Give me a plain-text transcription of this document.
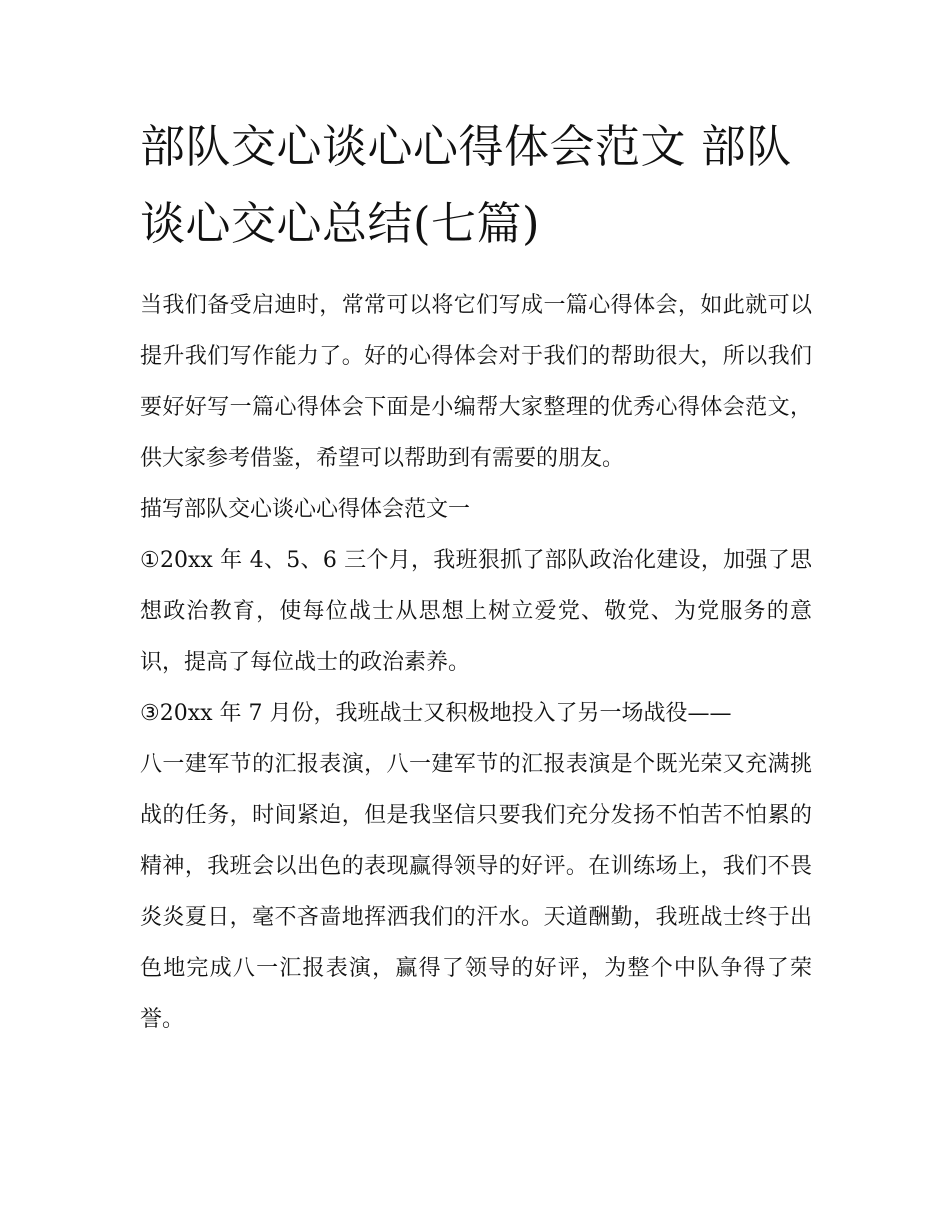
部队交心谈心心得体会范文 部队谈心交心总结(七篇)

当我们备受启迪时，常常可以将它们写成一篇心得体会，如此就可以提升我们写作能力了。好的心得体会对于我们的帮助很大，所以我们要好好写一篇心得体会下面是小编帮大家整理的优秀心得体会范文，供大家参考借鉴，希望可以帮助到有需要的朋友。

描写部队交心谈心心得体会范文一

①20xx 年 4、5、6 三个月，我班狠抓了部队政治化建设，加强了思想政治教育，使每位战士从思想上树立爱党、敬党、为党服务的意识，提高了每位战士的政治素养。

③20xx 年 7 月份，我班战士又积极地投入了另一场战役——

八一建军节的汇报表演，八一建军节的汇报表演是个既光荣又充满挑战的任务，时间紧迫，但是我坚信只要我们充分发扬不怕苦不怕累的精神，我班会以出色的表现赢得领导的好评。在训练场上，我们不畏炎炎夏日，毫不吝啬地挥洒我们的汗水。天道酬勤，我班战士终于出色地完成八一汇报表演，赢得了领导的好评，为整个中队争得了荣誉。
